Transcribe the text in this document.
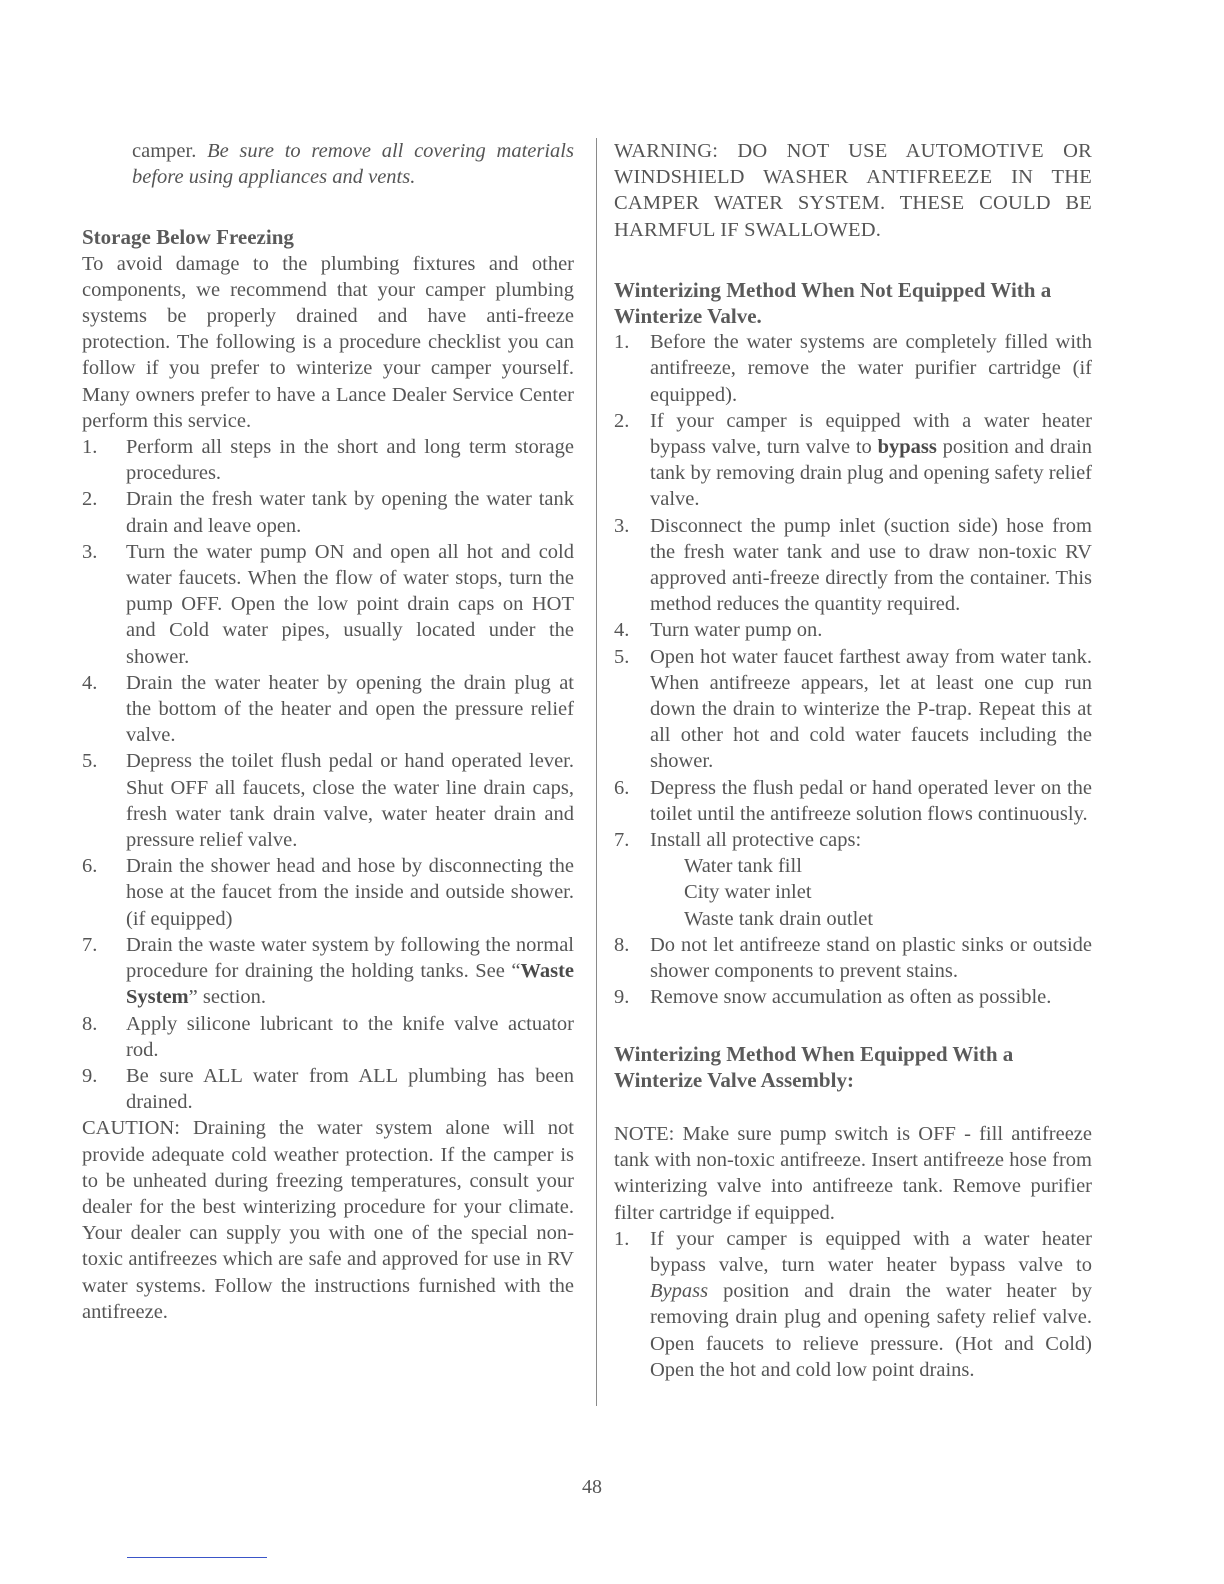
camper. Be sure to remove all covering materials before using appliances and vents.

Storage Below Freezing

To avoid damage to the plumbing fixtures and other components, we recommend that your camper plumbing systems be properly drained and have anti-freeze protection. The following is a procedure checklist you can follow if you prefer to winterize your camper yourself. Many owners prefer to have a Lance Dealer Service Center perform this service.

1. Perform all steps in the short and long term storage procedures.
2. Drain the fresh water tank by opening the water tank drain and leave open.
3. Turn the water pump ON and open all hot and cold water faucets. When the flow of water stops, turn the pump OFF. Open the low point drain caps on HOT and Cold water pipes, usually located under the shower.
4. Drain the water heater by opening the drain plug at the bottom of the heater and open the pressure relief valve.
5. Depress the toilet flush pedal or hand operated lever. Shut OFF all faucets, close the water line drain caps, fresh water tank drain valve, water heater drain and pressure relief valve.
6. Drain the shower head and hose by disconnecting the hose at the faucet from the inside and outside shower. (if equipped)
7. Drain the waste water system by following the normal procedure for draining the holding tanks. See “Waste System” section.
8. Apply silicone lubricant to the knife valve actuator rod.
9. Be sure ALL water from ALL plumbing has been drained.

CAUTION: Draining the water system alone will not provide adequate cold weather protection. If the camper is to be unheated during freezing temperatures, consult your dealer for the best winterizing procedure for your climate. Your dealer can supply you with one of the special non-toxic antifreezes which are safe and approved for use in RV water systems. Follow the instructions furnished with the antifreeze.

WARNING: DO NOT USE AUTOMOTIVE OR WINDSHIELD WASHER ANTIFREEZE IN THE CAMPER WATER SYSTEM. THESE COULD BE HARMFUL IF SWALLOWED.

Winterizing Method When Not Equipped With a Winterize Valve.

1. Before the water systems are completely filled with antifreeze, remove the water purifier cartridge (if equipped).
2. If your camper is equipped with a water heater bypass valve, turn valve to bypass position and drain tank by removing drain plug and opening safety relief valve.
3. Disconnect the pump inlet (suction side) hose from the fresh water tank and use to draw non-toxic RV approved anti-freeze directly from the container. This method reduces the quantity required.
4. Turn water pump on.
5. Open hot water faucet farthest away from water tank. When antifreeze appears, let at least one cup run down the drain to winterize the P-trap. Repeat this at all other hot and cold water faucets including the shower.
6. Depress the flush pedal or hand operated lever on the toilet until the antifreeze solution flows continuously.
7. Install all protective caps:
Water tank fill
City water inlet
Waste tank drain outlet
8. Do not let antifreeze stand on plastic sinks or outside shower components to prevent stains.
9. Remove snow accumulation as often as possible.

Winterizing Method When Equipped With a Winterize Valve Assembly:

NOTE: Make sure pump switch is OFF - fill antifreeze tank with non-toxic antifreeze. Insert antifreeze hose from winterizing valve into antifreeze tank. Remove purifier filter cartridge if equipped.

1. If your camper is equipped with a water heater bypass valve, turn water heater bypass valve to Bypass position and drain the water heater by removing drain plug and opening safety relief valve. Open faucets to relieve pressure. (Hot and Cold) Open the hot and cold low point drains.
48
